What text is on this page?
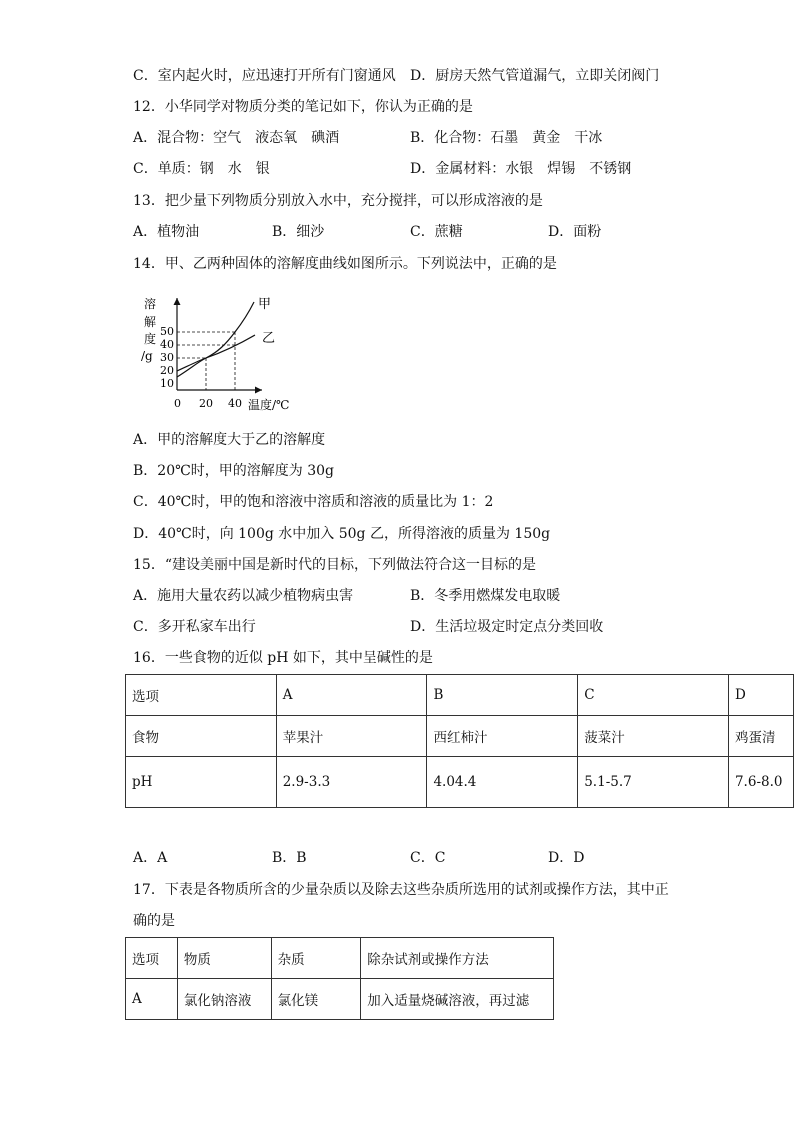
C．室内起火时，应迅速打开所有门窗通风 D．厨房天然气管道漏气，立即关闭阀门
12．小华同学对物质分类的笔记如下，你认为正确的是
A．混合物：空气　液态氧　碘酒	B．化合物：石墨　黄金　干冰
C．单质：钢　水　银	D．金属材料：水银　焊锡　不锈钢
13．把少量下列物质分别放入水中，充分搅拌，可以形成溶液的是
A．植物油	B．细沙	C．蔗糖	D．面粉
14．甲、乙两种固体的溶解度曲线如图所示。下列说法中，正确的是
溶
解
度
/g
50
40
30
20
10
甲
乙
0 20 40 温度/℃
A．甲的溶解度大于乙的溶解度
B．20℃时，甲的溶解度为 30g
C．40℃时，甲的饱和溶液中溶质和溶液的质量比为 1：2
D．40℃时，向 100g 水中加入 50g 乙，所得溶液的质量为 150g
15．“建设美丽中国是新时代的目标，下列做法符合这一目标的是
A．施用大量农药以减少植物病虫害	B．冬季用燃煤发电取暖
C．多开私家车出行	D．生活垃圾定时定点分类回收
16．一些食物的近似 pH 如下，其中呈碱性的是
选项	A	B	C	D
食物	苹果汁	西红柿汁	菠菜汁	鸡蛋清
pH	2.9-3.3	4.04.4	5.1-5.7	7.6-8.0
A．A	B．B	C．C	D．D
17．下表是各物质所含的少量杂质以及除去这些杂质所选用的试剂或操作方法，其中正
确的是
选项	物质	杂质	除杂试剂或操作方法
A	氯化钠溶液	氯化镁	加入适量烧碱溶液，再过滤
